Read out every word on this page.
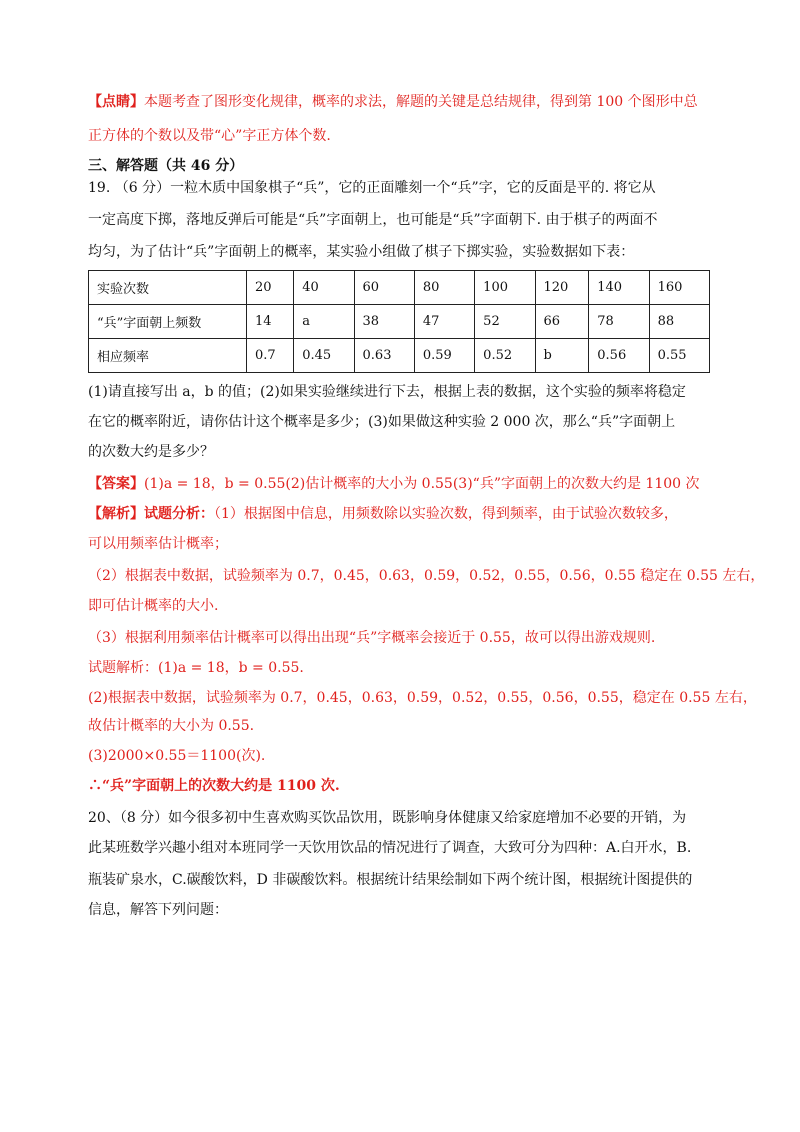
【点睛】本题考查了图形变化规律，概率的求法，解题的关键是总结规律，得到第 100 个图形中总
正方体的个数以及带“心”字正方体个数.
三、解答题（共 46 分）
19. （6 分）一粒木质中国象棋子“兵”，它的正面雕刻一个“兵”字，它的反面是平的. 将它从
一定高度下掷，落地反弹后可能是“兵”字面朝上，也可能是“兵”字面朝下. 由于棋子的两面不
均匀，为了估计“兵”字面朝上的概率，某实验小组做了棋子下掷实验，实验数据如下表：
实验次数	20	40	60	80	100	120	140	160
“兵”字面朝上频数	14	a	38	47	52	66	78	88
相应频率	0.7	0.45	0.63	0.59	0.52	b	0.56	0.55
(1)请直接写出 a，b 的值；(2)如果实验继续进行下去，根据上表的数据，这个实验的频率将稳定
在它的概率附近，请你估计这个概率是多少；(3)如果做这种实验 2 000 次，那么“兵”字面朝上
的次数大约是多少？
【答案】(1)a = 18，b = 0.55(2)估计概率的大小为 0.55(3)“兵”字面朝上的次数大约是 1100 次
【解析】试题分析：（1）根据图中信息，用频数除以实验次数，得到频率，由于试验次数较多，
可以用频率估计概率；
（2）根据表中数据，试验频率为 0.7，0.45，0.63，0.59，0.52，0.55，0.56，0.55 稳定在 0.55 左右，
即可估计概率的大小.
（3）根据利用频率估计概率可以得出出现“兵”字概率会接近于 0.55，故可以得出游戏规则.
试题解析：(1)a = 18，b = 0.55.
(2)根据表中数据，试验频率为 0.7，0.45，0.63，0.59，0.52，0.55，0.56，0.55，稳定在 0.55 左右，
故估计概率的大小为 0.55.
(3)2000×0.55＝1100(次).
∴“兵”字面朝上的次数大约是 1100 次.
20、（8 分）如今很多初中生喜欢购买饮品饮用，既影响身体健康又给家庭增加不必要的开销，为
此某班数学兴趣小组对本班同学一天饮用饮品的情况进行了调查，大致可分为四种：A.白开水，B.
瓶装矿泉水，C.碳酸饮料，D 非碳酸饮料。根据统计结果绘制如下两个统计图，根据统计图提供的
信息，解答下列问题：
